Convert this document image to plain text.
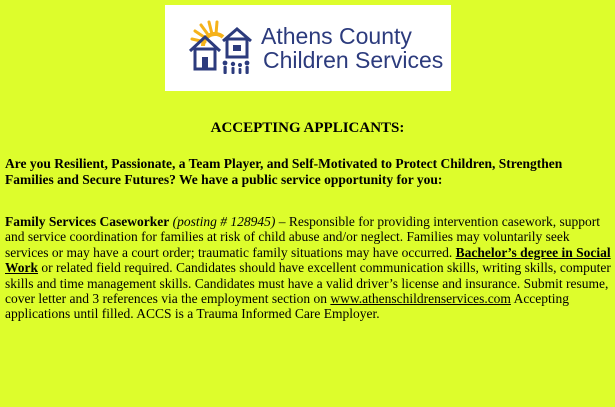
Athens County
Children Services
ACCEPTING APPLICANTS:

Are you Resilient, Passionate, a Team Player, and Self-Motivated to Protect Children, Strengthen Families and Secure Futures? We have a public service opportunity for you:

Family Services Caseworker (posting # 128945) – Responsible for providing intervention casework, support and service coordination for families at risk of child abuse and/or neglect. Families may voluntarily seek services or may have a court order; traumatic family situations may have occurred. Bachelor’s degree in Social Work or related field required. Candidates should have excellent communication skills, writing skills, computer skills and time management skills. Candidates must have a valid driver’s license and insurance. Submit resume, cover letter and 3 references via the employment section on www.athenschildrenservices.com Accepting applications until filled. ACCS is a Trauma Informed Care Employer.
